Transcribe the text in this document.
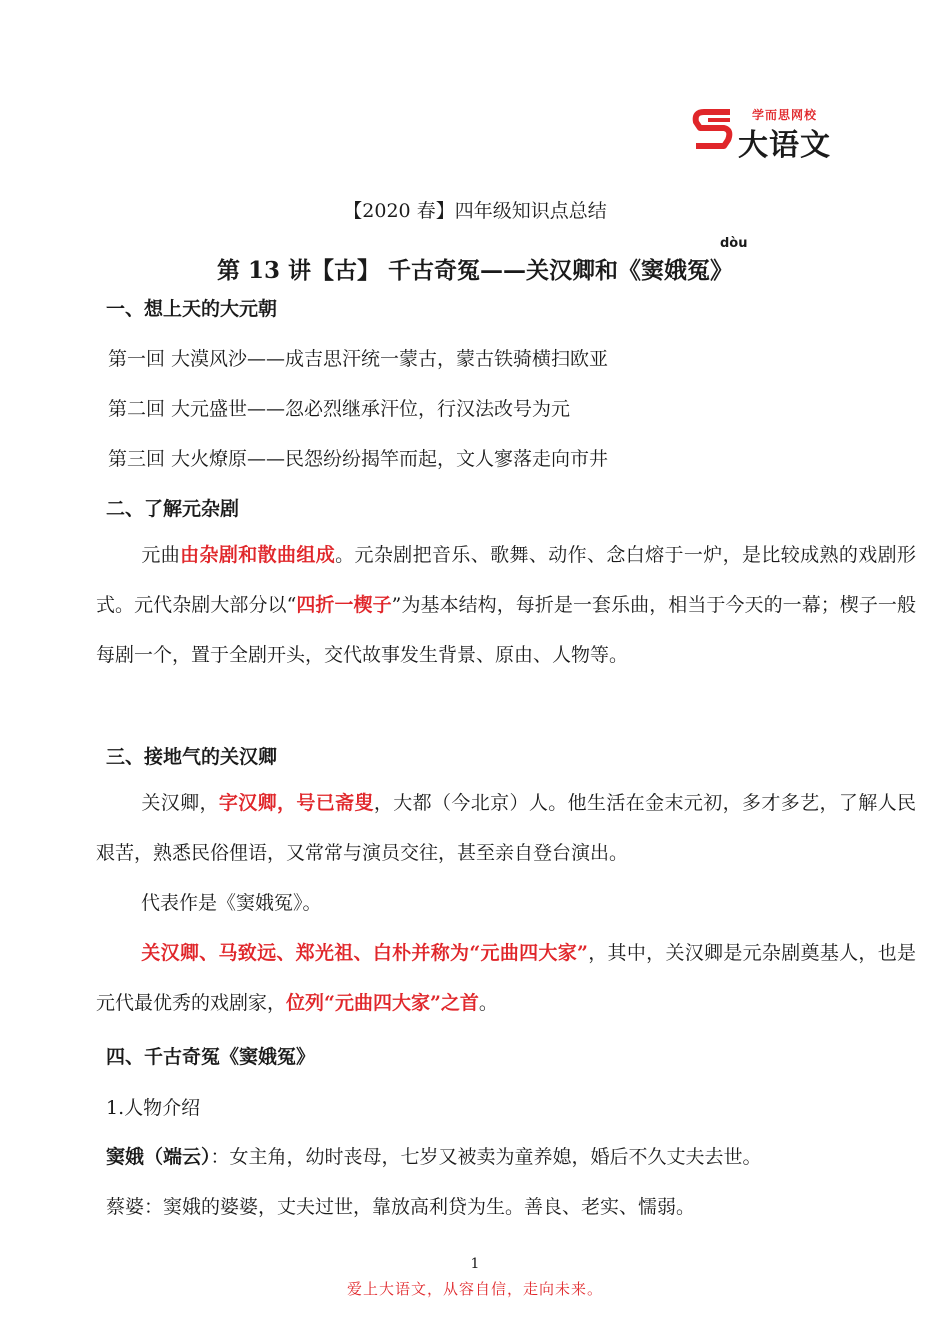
学而思网校
大语文
【2020 春】四年级知识点总结
dòu
第 13 讲【古】 千古奇冤——关汉卿和《窦娥冤》
一、想上天的大元朝
第一回 大漠风沙——成吉思汗统一蒙古，蒙古铁骑横扫欧亚
第二回 大元盛世——忽必烈继承汗位，行汉法改号为元
第三回 大火燎原——民怨纷纷揭竿而起，文人寥落走向市井
二、了解元杂剧
元曲由杂剧和散曲组成。元杂剧把音乐、歌舞、动作、念白熔于一炉，是比较成熟的戏剧形式。元代杂剧大部分以“四折一楔子”为基本结构，每折是一套乐曲，相当于今天的一幕；楔子一般每剧一个，置于全剧开头，交代故事发生背景、原由、人物等。
三、接地气的关汉卿
关汉卿，字汉卿，号已斋叟，大都（今北京）人。他生活在金末元初，多才多艺，了解人民艰苦，熟悉民俗俚语，又常常与演员交往，甚至亲自登台演出。
代表作是《窦娥冤》。
关汉卿、马致远、郑光祖、白朴并称为“元曲四大家”，其中，关汉卿是元杂剧奠基人，也是元代最优秀的戏剧家，位列“元曲四大家”之首。
四、千古奇冤《窦娥冤》
1.人物介绍
窦娥（端云）：女主角，幼时丧母，七岁又被卖为童养媳，婚后不久丈夫去世。
蔡婆：窦娥的婆婆，丈夫过世，靠放高利贷为生。善良、老实、懦弱。
1
爱上大语文，从容自信，走向未来。
